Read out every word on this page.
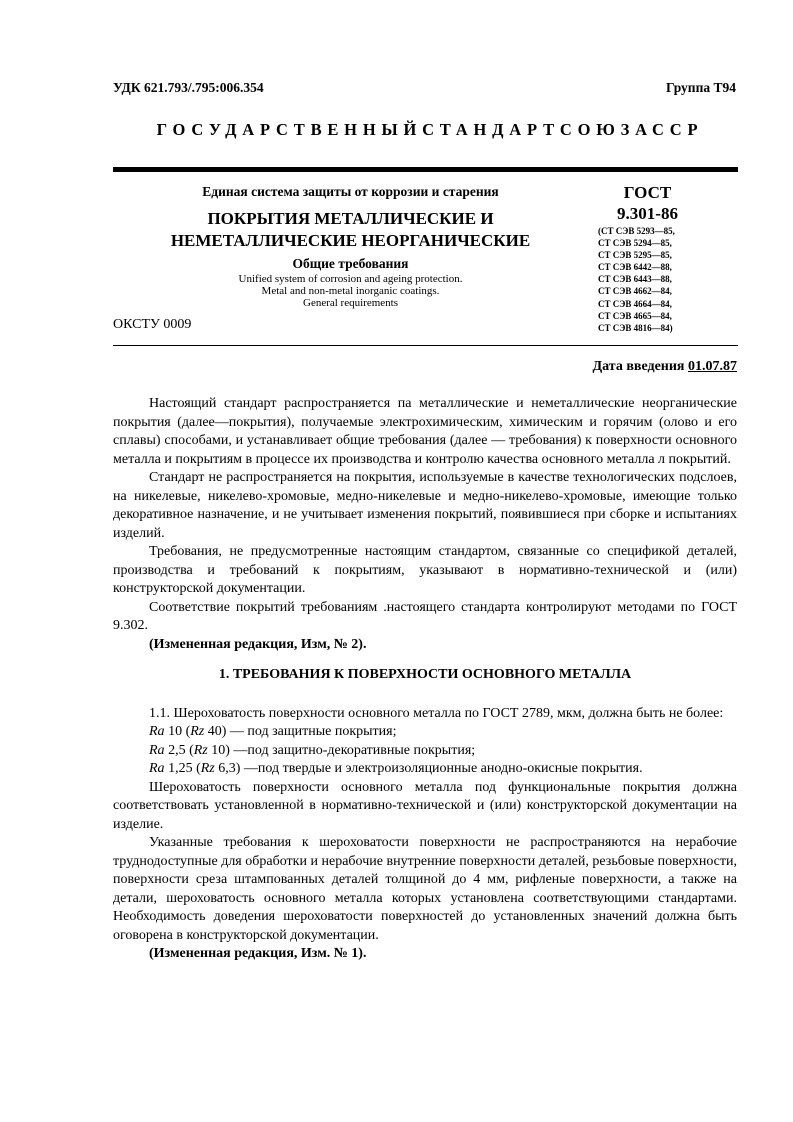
УДК 621.793/.795:006.354	Группа Т94
ГОСУДАРСТВЕННЫЙСТАНДАРТСОЮЗАССР
Единая система защиты от коррозии и старения
ПОКРЫТИЯ МЕТАЛЛИЧЕСКИЕ И
НЕМЕТАЛЛИЧЕСКИЕ НЕОРГАНИЧЕСКИЕ
Общие требования
Unified system of corrosion and ageing protection.
Metal and non-metal inorganic coatings.
General requirements
ОКСТУ 0009
ГОСТ
9.301-86
(СТ СЭВ 5293—85,
СТ СЭВ 5294—85,
СТ СЭВ 5295—85,
СТ СЭВ 6442—88,
СТ СЭВ 6443—88,
СТ СЭВ 4662—84,
СТ СЭВ 4664—84,
СТ СЭВ 4665—84,
СТ СЭВ 4816—84)
Дата введения 01.07.87

Настоящий стандарт распространяется па металлические и неметаллические неорганические покрытия (далее—покрытия), получаемые электрохимическим, химическим и горячим (олово и его сплавы) способами, и устанавливает общие требования (далее — требования) к поверхности основного металла и покрытиям в процессе их производства и контролю качества основного металла л покрытий.

Стандарт не распространяется на покрытия, используемые в качестве технологических подслоев, на никелевые, никелево-хромовые, медно-никелевые и медно-никелево-хромовые, имеющие только декоративное назначение, и не учитывает изменения покрытий, появившиеся при сборке и испытаниях изделий.

Требования, не предусмотренные настоящим стандартом, связанные со спецификой деталей, производства и требований к покрытиям, указывают в нормативно-технической и (или) конструкторской документации.

Соответствие покрытий требованиям .настоящего стандарта контролируют методами по ГОСТ 9.302.

(Измененная редакция, Изм, № 2).

1. ТРЕБОВАНИЯ К ПОВЕРХНОСТИ ОСНОВНОГО МЕТАЛЛА

1.1. Шероховатость поверхности основного металла по ГОСТ 2789, мкм, должна быть не более:

Ra 10 (Rz 40) — под защитные покрытия;

Ra 2,5 (Rz 10) —под защитно-декоративные покрытия;

Ra 1,25 (Rz 6,3) —под твердые и электроизоляционные анодно-окисные покрытия.

Шероховатость поверхности основного металла под функциональные покрытия должна соответствовать установленной в нормативно-технической и (или) конструкторской документации на изделие.

Указанные требования к шероховатости поверхности не распространяются на нерабочие труднодоступные для обработки и нерабочие внутренние поверхности деталей, резьбовые поверхности, поверхности среза штампованных деталей толщиной до 4 мм, рифленые поверхности, а также на детали, шероховатость основного металла которых установлена соответствующими стандартами. Необходимость доведения шероховатости поверхностей до установленных значений должна быть оговорена в конструкторской документации.

(Измененная редакция, Изм. № 1).
